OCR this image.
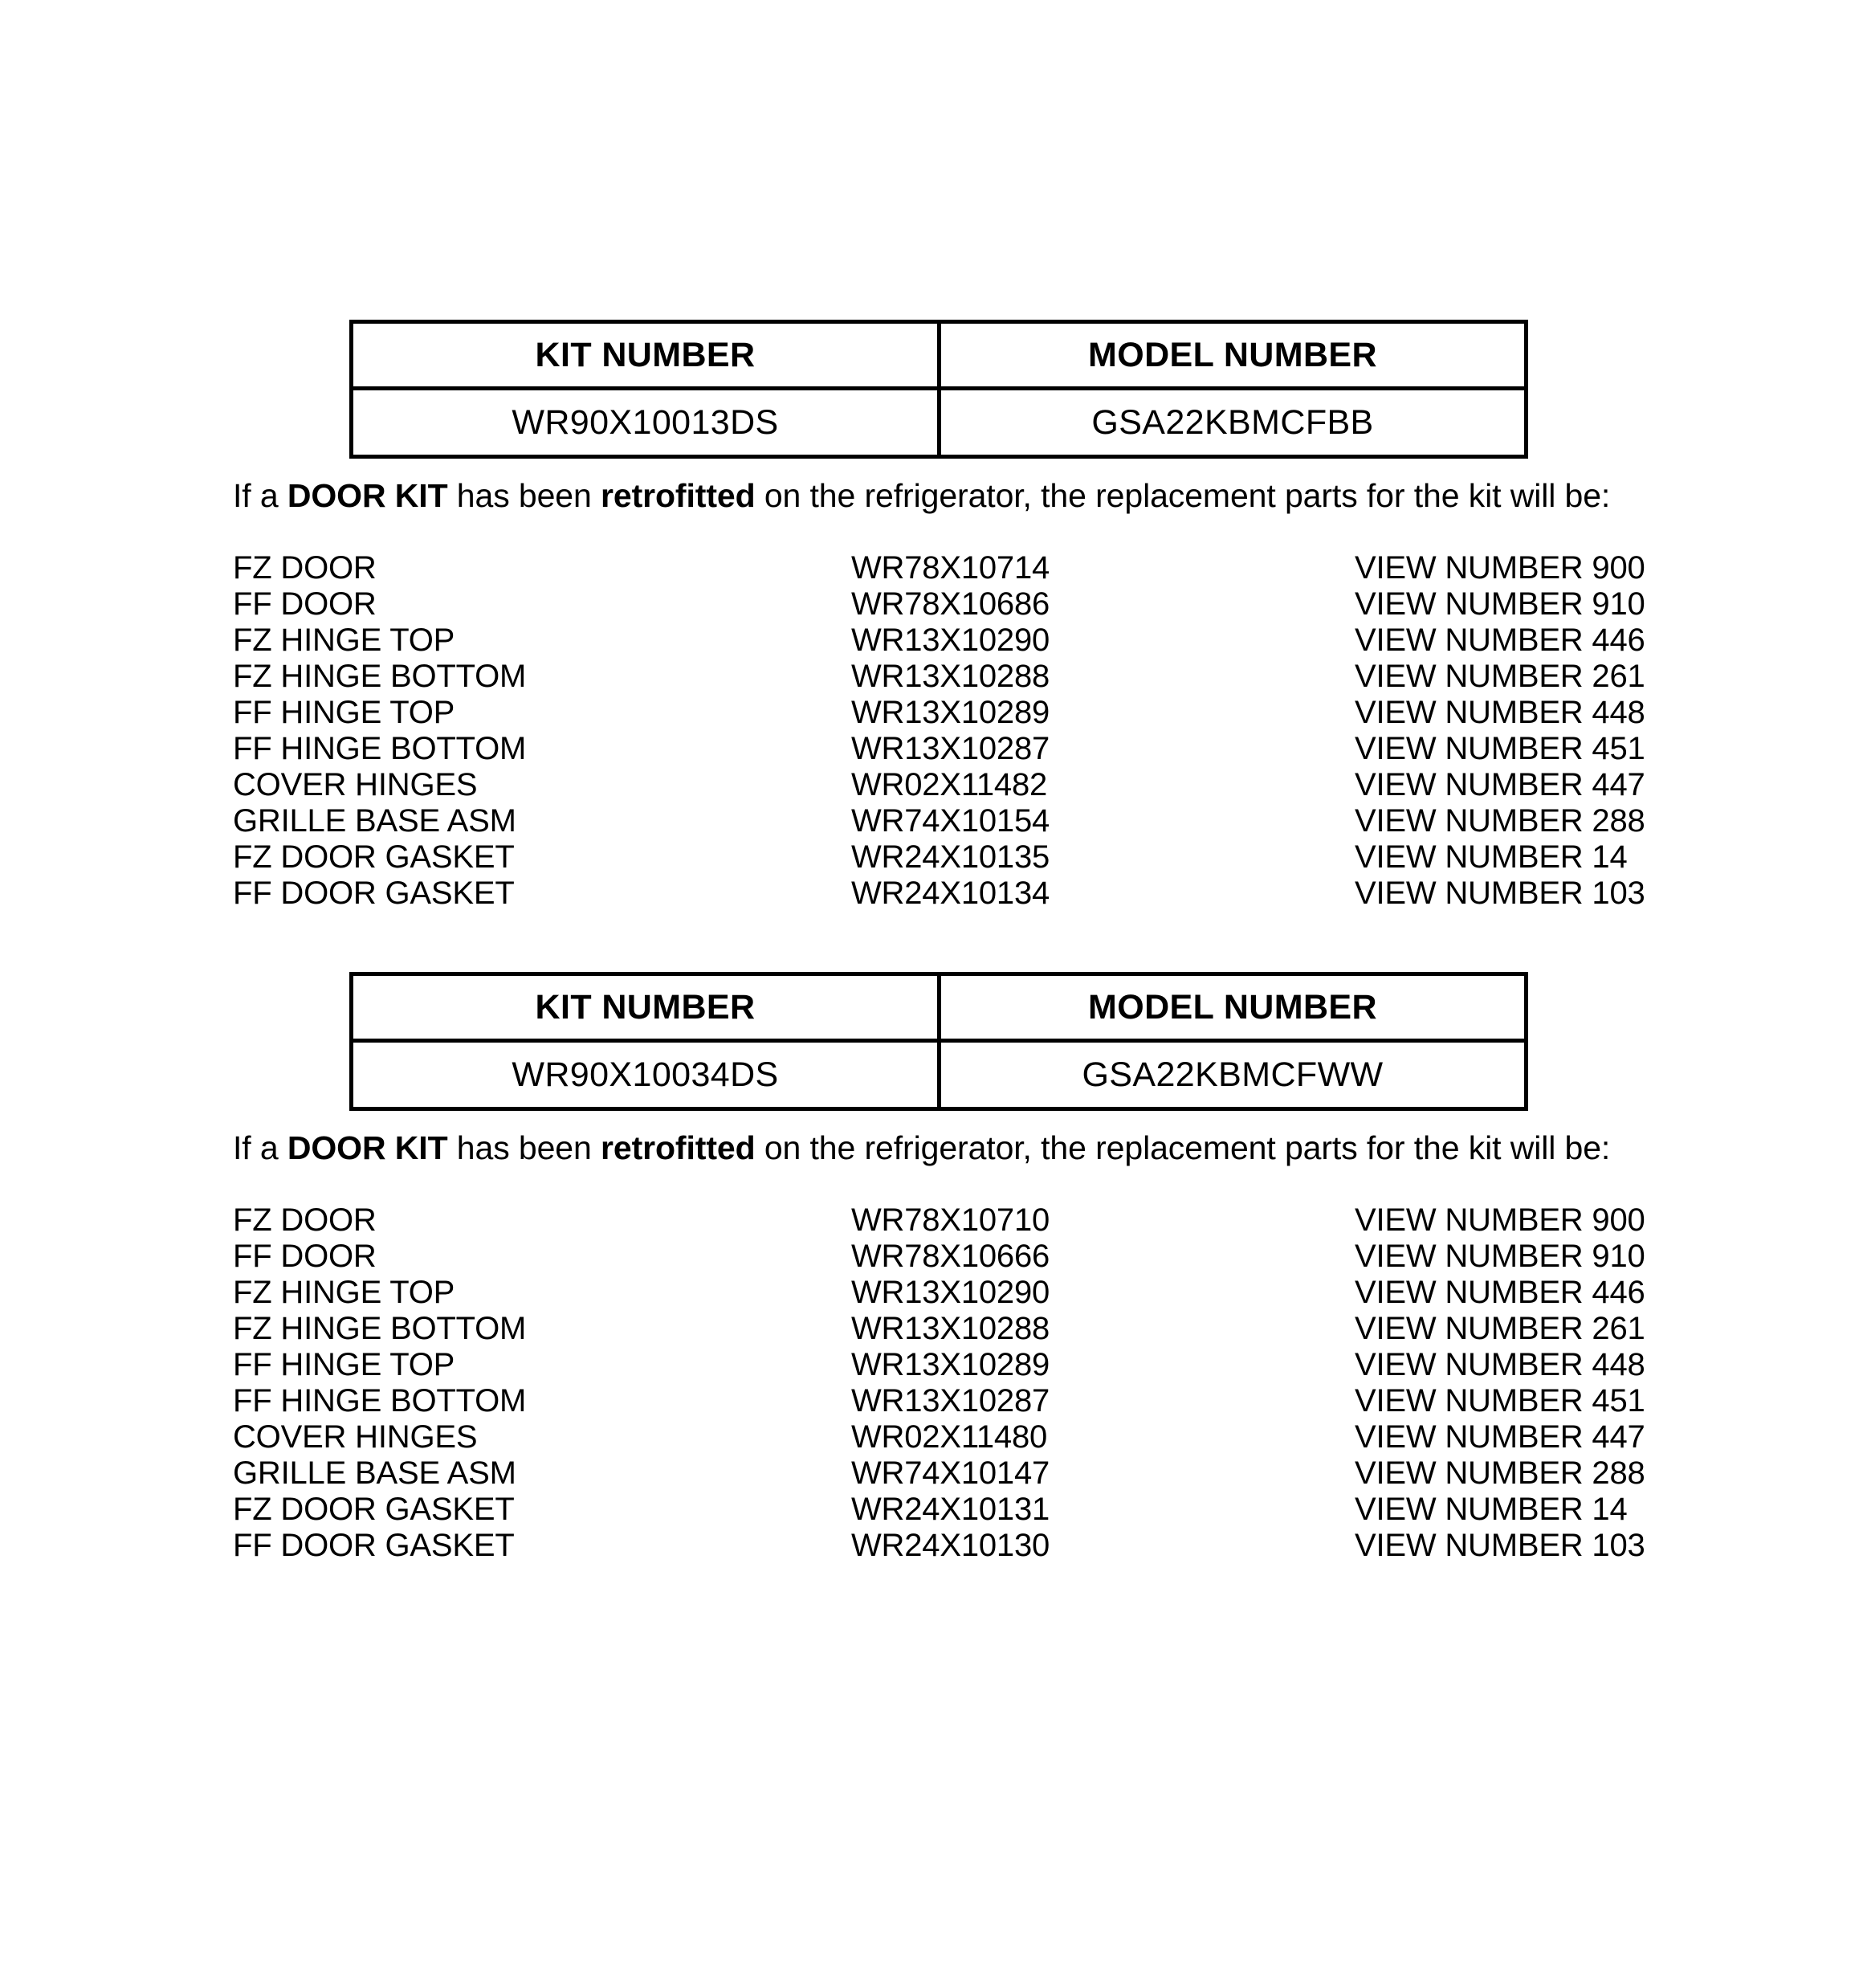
KIT NUMBER	MODEL NUMBER
WR90X10013DS	GSA22KBMCFBB
If a DOOR KIT has been retrofitted on the refrigerator, the replacement parts for the kit will be:
FZ DOOR	WR78X10714	VIEW NUMBER 900
FF DOOR	WR78X10686	VIEW NUMBER 910
FZ HINGE TOP	WR13X10290	VIEW NUMBER 446
FZ HINGE BOTTOM	WR13X10288	VIEW NUMBER 261
FF HINGE TOP	WR13X10289	VIEW NUMBER 448
FF HINGE BOTTOM	WR13X10287	VIEW NUMBER 451
COVER HINGES	WR02X11482	VIEW NUMBER 447
GRILLE BASE ASM	WR74X10154	VIEW NUMBER 288
FZ DOOR GASKET	WR24X10135	VIEW NUMBER 14
FF DOOR GASKET	WR24X10134	VIEW NUMBER 103
KIT NUMBER	MODEL NUMBER
WR90X10034DS	GSA22KBMCFWW
If a DOOR KIT has been retrofitted on the refrigerator, the replacement parts for the kit will be:
FZ DOOR	WR78X10710	VIEW NUMBER 900
FF DOOR	WR78X10666	VIEW NUMBER 910
FZ HINGE TOP	WR13X10290	VIEW NUMBER 446
FZ HINGE BOTTOM	WR13X10288	VIEW NUMBER 261
FF HINGE TOP	WR13X10289	VIEW NUMBER 448
FF HINGE BOTTOM	WR13X10287	VIEW NUMBER 451
COVER HINGES	WR02X11480	VIEW NUMBER 447
GRILLE BASE ASM	WR74X10147	VIEW NUMBER 288
FZ DOOR GASKET	WR24X10131	VIEW NUMBER 14
FF DOOR GASKET	WR24X10130	VIEW NUMBER 103
